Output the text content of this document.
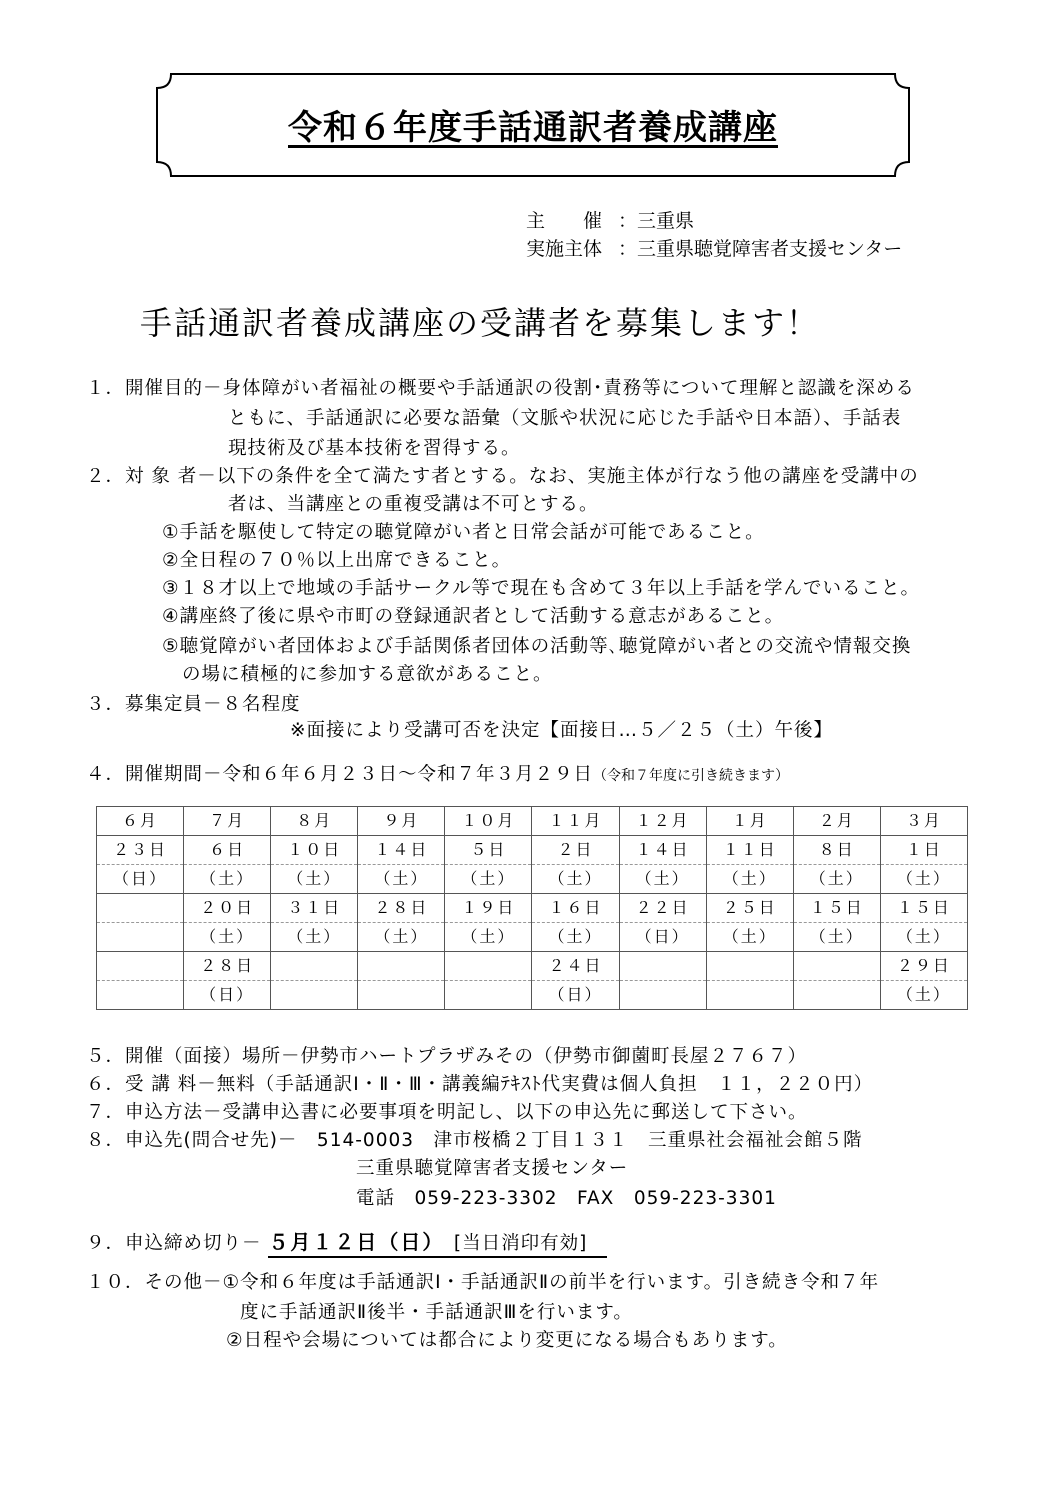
令和６年度手話通訳者養成講座
主　　催 ：三重県
実施主体 ：三重県聴覚障害者支援センター
手話通訳者養成講座の受講者を募集します！
１．開催目的－身体障がい者福祉の概要や手話通訳の役割･責務等について理解と認識を深める
ともに、手話通訳に必要な語彙（文脈や状況に応じた手話や日本語）、手話表
現技術及び基本技術を習得する。
２．対 象 者－以下の条件を全て満たす者とする。なお、実施主体が行なう他の講座を受講中の
者は、当講座との重複受講は不可とする。
①手話を駆使して特定の聴覚障がい者と日常会話が可能であること。
②全日程の７０％以上出席できること。
③１８才以上で地域の手話サークル等で現在も含めて３年以上手話を学んでいること。
④講座終了後に県や市町の登録通訳者として活動する意志があること。
⑤聴覚障がい者団体および手話関係者団体の活動等､聴覚障がい者との交流や情報交換
の場に積極的に参加する意欲があること。
３．募集定員－８名程度
※面接により受講可否を決定【面接日…５／２５（土）午後】
４．開催期間－令和６年６月２３日～令和７年３月２９日（令和７年度に引き続きます）
６月	７月	８月	９月	１０月	１１月	１２月	１月	２月	３月
２３日	６日	１０日	１４日	５日	２日	１４日	１１日	８日	１日
（日）	（土）	（土）	（土）	（土）	（土）	（土）	（土）	（土）	（土）
	２０日	３１日	２８日	１９日	１６日	２２日	２５日	１５日	１５日
	（土）	（土）	（土）	（土）	（土）	（日）	（土）	（土）	（土）
	２８日				２４日				２９日
	（日）				（日）				（土）
５．開催（面接）場所－伊勢市ハートプラザみその（伊勢市御薗町長屋２７６７）
６．受 講 料－無料（手話通訳Ⅰ・Ⅱ・Ⅲ・講義編ﾃｷｽﾄ代実費は個人負担　１１，２２０円）
７．申込方法－受講申込書に必要事項を明記し、以下の申込先に郵送して下さい。
８．申込先(問合せ先)－　514-0003　津市桜橋２丁目１３１　三重県社会福祉会館５階
三重県聴覚障害者支援センター
電話　059-223-3302　FAX　059-223-3301
９．申込締め切り－ ５月１２日（日）　 [当日消印有効]　
１０．その他－①令和６年度は手話通訳Ⅰ・手話通訳Ⅱの前半を行います。引き続き令和７年
度に手話通訳Ⅱ後半・手話通訳Ⅲを行います。
②日程や会場については都合により変更になる場合もあります。
